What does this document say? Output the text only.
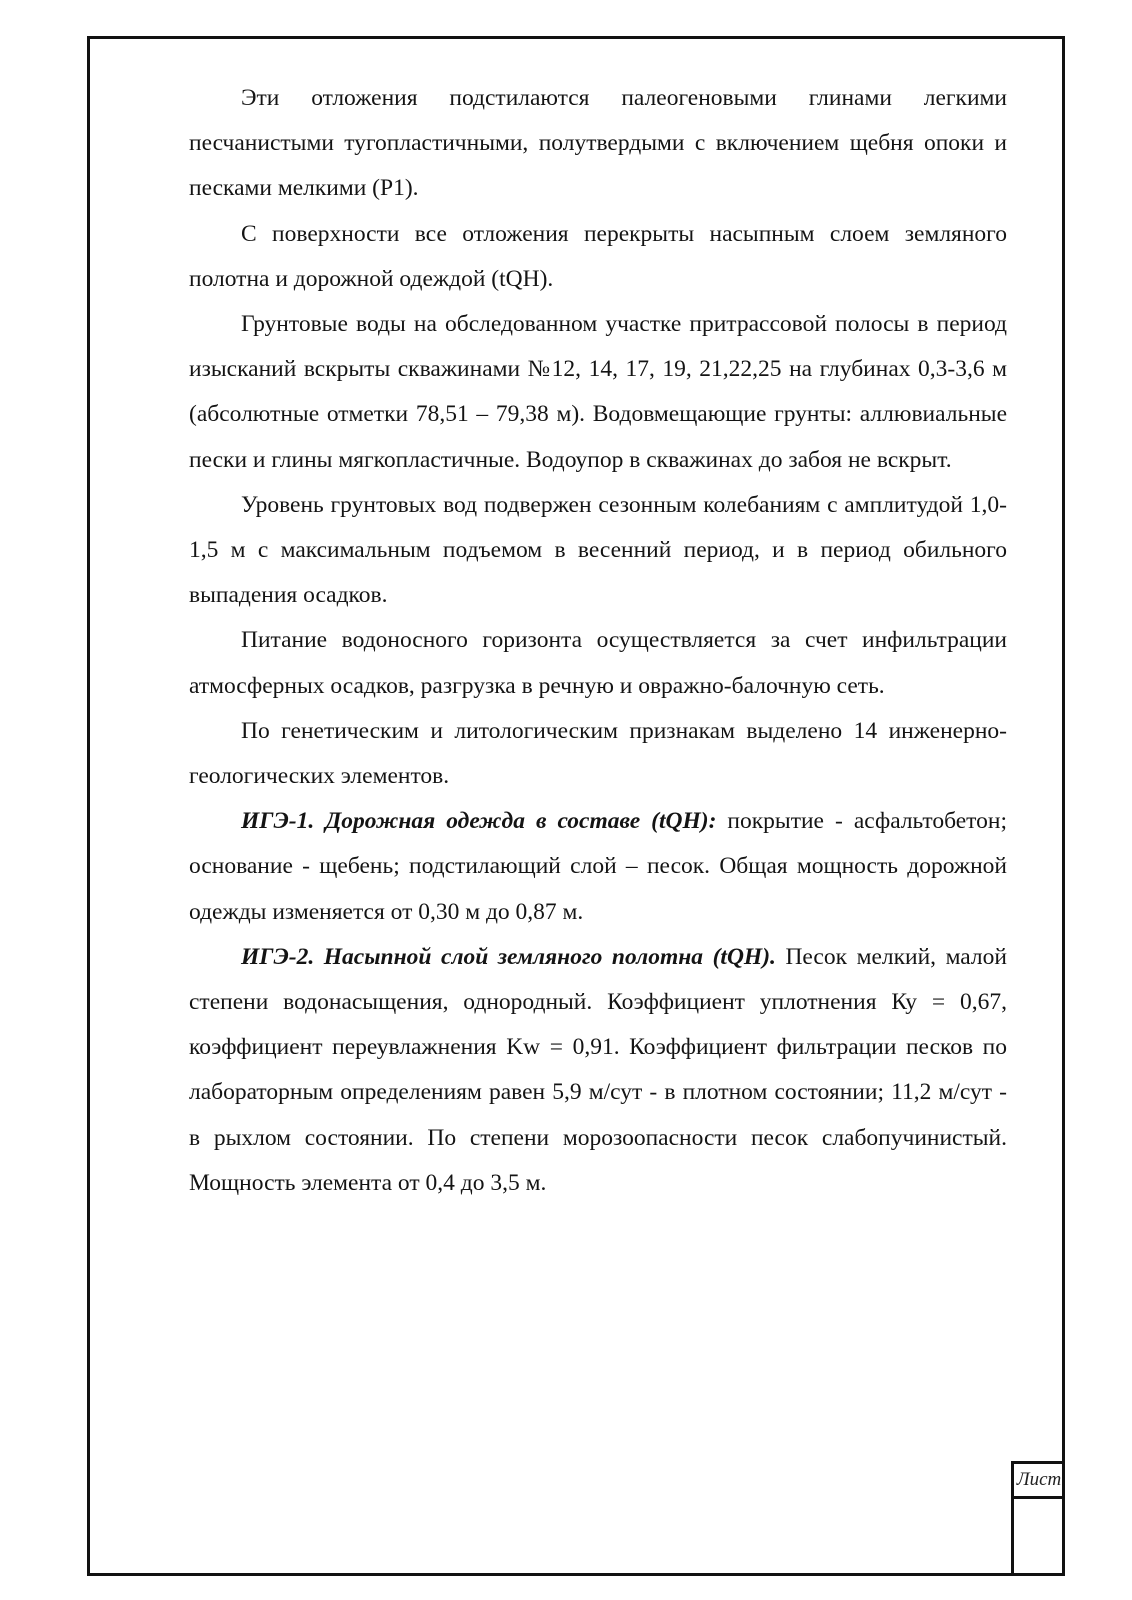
Эти отложения подстилаются палеогеновыми глинами легкими песчанистыми тугопластичными, полутвердыми с включением щебня опоки и песками мелкими (P1).

С поверхности все отложения перекрыты насыпным слоем земляного полотна и дорожной одеждой (tQH).

Грунтовые воды на обследованном участке притрассовой полосы в период изысканий вскрыты скважинами №12, 14, 17, 19, 21,22,25 на глубинах 0,3-3,6 м (абсолютные отметки 78,51 – 79,38 м). Водовмещающие грунты: аллювиальные пески и глины мягкопластичные. Водоупор в скважинах до забоя не вскрыт.

Уровень грунтовых вод подвержен сезонным колебаниям с амплитудой 1,0-1,5 м с максимальным подъемом в весенний период, и в период обильного выпадения осадков.

Питание водоносного горизонта осуществляется за счет инфильтрации атмосферных осадков, разгрузка в речную и овражно-балочную сеть.

По генетическим и литологическим признакам выделено 14 инженерно-геологических элементов.

ИГЭ-1. Дорожная одежда в составе (tQH): покрытие - асфальтобетон; основание - щебень; подстилающий слой – песок. Общая мощность дорожной одежды изменяется от 0,30 м до 0,87 м.

ИГЭ-2. Насыпной слой земляного полотна (tQH). Песок мелкий, малой степени водонасыщения, однородный. Коэффициент уплотнения Ку = 0,67, коэффициент переувлажнения Kw = 0,91. Коэффициент фильтрации песков по лабораторным определениям равен 5,9 м/сут - в плотном состоянии; 11,2 м/сут - в рыхлом состоянии. По степени морозоопасности песок слабопучинистый. Мощность элемента от 0,4 до 3,5 м.

Лист
